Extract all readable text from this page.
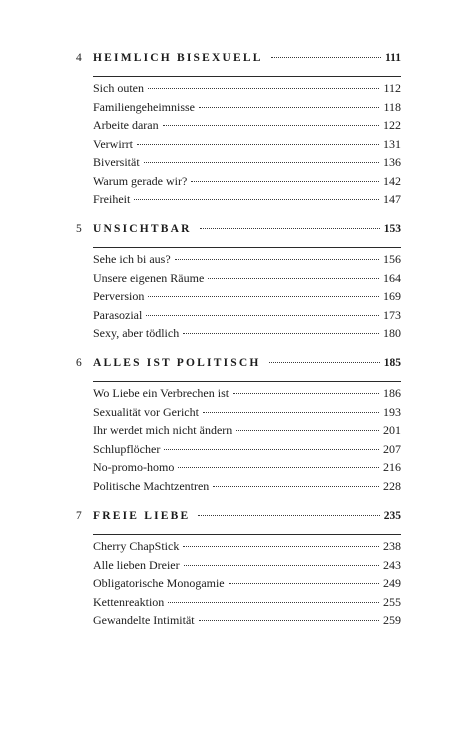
4 HEIMLICH BISEXUELL	111
Sich outen	112
Familiengeheimnisse	118
Arbeite daran	122
Verwirrt	131
Biversität	136
Warum gerade wir?	142
Freiheit	147
5 UNSICHTBAR	153
Sehe ich bi aus?	156
Unsere eigenen Räume	164
Perversion	169
Parasozial	173
Sexy, aber tödlich	180
6 ALLES IST POLITISCH	185
Wo Liebe ein Verbrechen ist	186
Sexualität vor Gericht	193
Ihr werdet mich nicht ändern	201
Schlupflöcher	207
No-promo-homo	216
Politische Machtzentren	228
7 FREIE LIEBE	235
Cherry ChapStick	238
Alle lieben Dreier	243
Obligatorische Monogamie	249
Kettenreaktion	255
Gewandelte Intimität	259
